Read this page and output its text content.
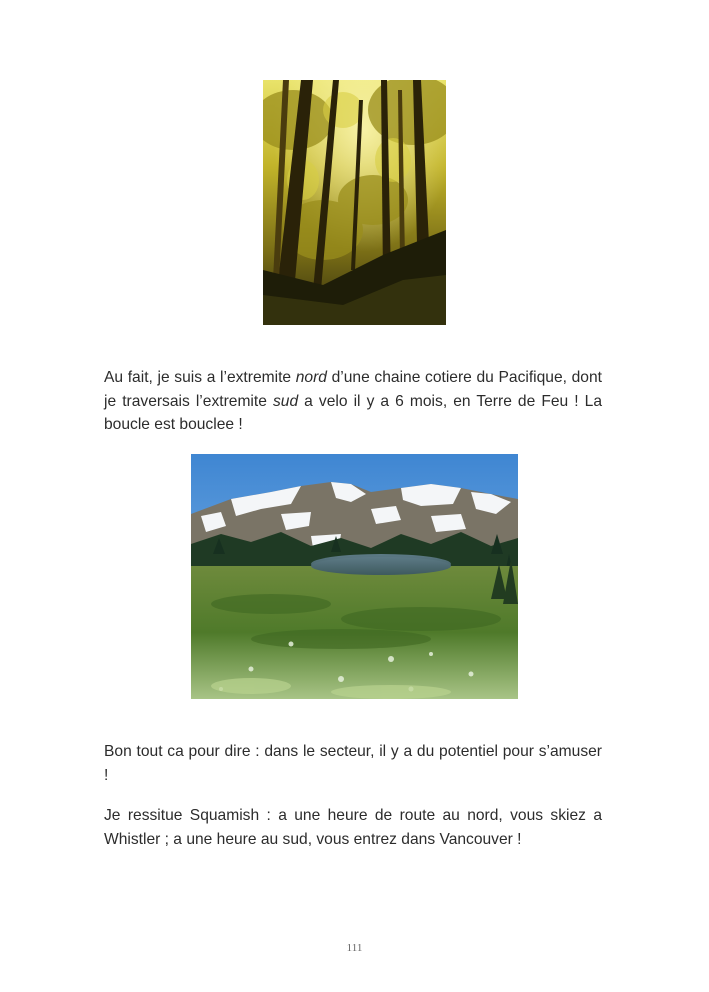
Au fait, je suis a l’extremite nord d’une chaine cotiere du Pacifique, dont je traversais l’extremite sud a velo il y a 6 mois, en Terre de Feu ! La boucle est bouclee !

Bon tout ca pour dire : dans le secteur, il y a du potentiel pour s’amuser !

Je ressitue Squamish : a une heure de route au nord, vous skiez a Whistler ; a une heure au sud, vous entrez dans Vancouver !

111
